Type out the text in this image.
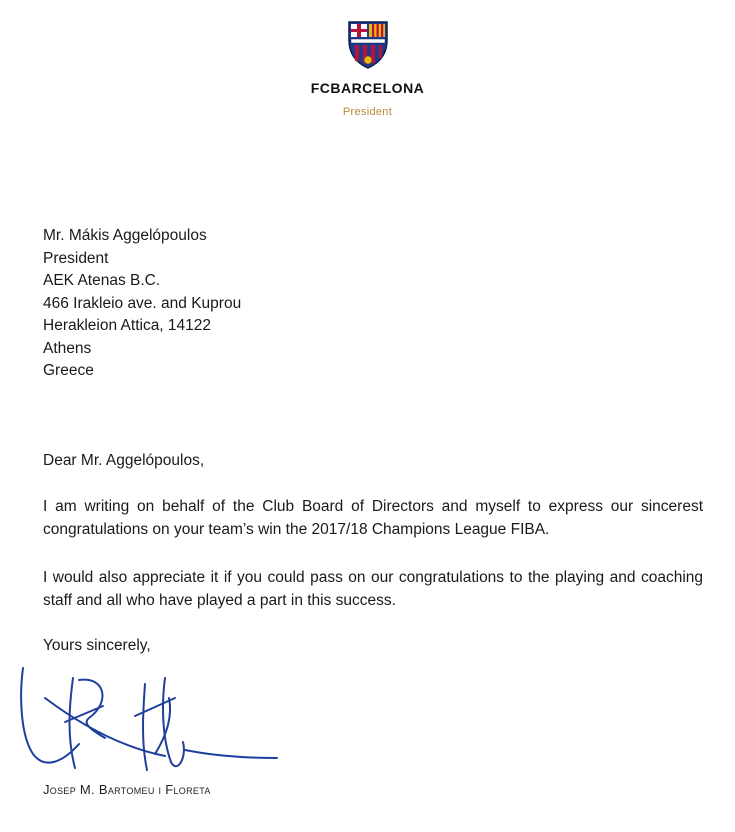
FCBARCELONA
President
Mr. Mákis Aggelópoulos
President
AEK Atenas B.C.
466 Irakleio ave. and Kuprou
Herakleion Attica, 14122
Athens
Greece
Dear Mr. Aggelópoulos,
I am writing on behalf of the Club Board of Directors and myself to express our sincerest congratulations on your team’s win the 2017/18 Champions League FIBA.
I would also appreciate it if you could pass on our congratulations to the playing and coaching staff and all who have played a part in this success.
Yours sincerely,
Josep M. Bartomeu i Floreta
